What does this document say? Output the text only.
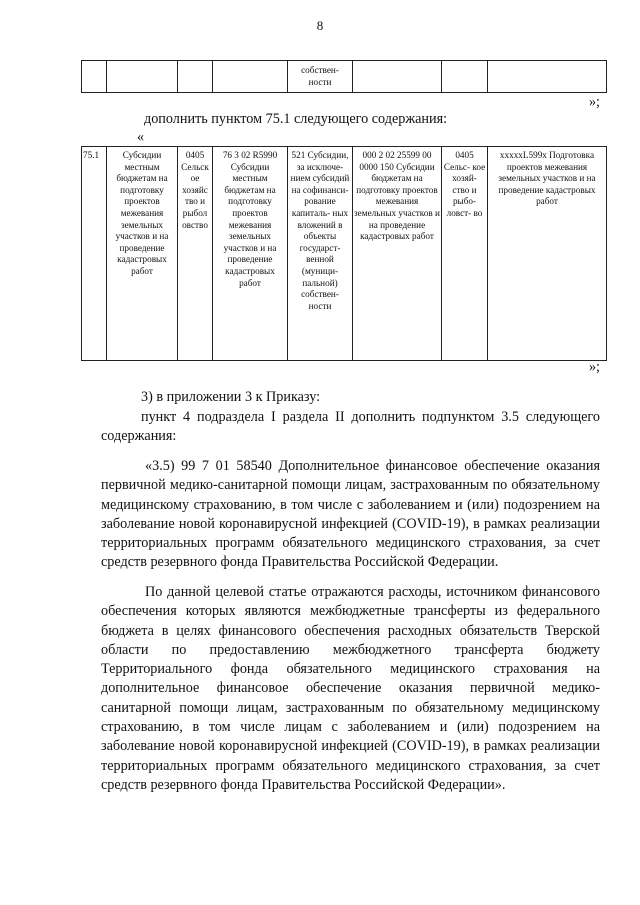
8
				собствен-
ности			
»;
дополнить пунктом 75.1 следующего содержания:
«
75.1	Субсидии местным бюджетам на подготовку проектов межевания земельных участков и на проведение кадастровых работ	0405 Сельск ое хозяйс тво и рыбол овство	76 3 02 R5990 Субсидии местным бюджетам на подготовку проектов межевания земельных участков и на проведение кадастровых работ	521 Субсидии, за исключе- нием субсидий на софинанси- рование капиталь- ных вложений в объекты государст- венной (муници- пальной) собствен- ности	000 2 02 25599 00 0000 150 Субсидии бюджетам на подготовку проектов межевания земельных участков и на проведение кадастровых работ	0405 Сельс- кое хозяй- ство и рыбо- ловст- во	xxxxxL599x Подготовка проектов межевания земельных участков и на проведение кадастровых работ
»;
3) в приложении 3 к Приказу:
пункт 4 подраздела I раздела II дополнить подпунктом 3.5 следующего содержания:
«3.5) 99 7 01 58540 Дополнительное финансовое обеспечение оказания первичной медико-санитарной помощи лицам, застрахованным по обязательному медицинскому страхованию, в том числе с заболеванием и (или) подозрением на заболевание новой коронавирусной инфекцией (COVID-19), в рамках реализации территориальных программ обязательного медицинского страхования, за счет средств резервного фонда Правительства Российской Федерации.
По данной целевой статье отражаются расходы, источником финансового обеспечения которых являются межбюджетные трансферты из федерального бюджета в целях финансового обеспечения расходных обязательств Тверской области по предоставлению межбюджетного трансферта бюджету Территориального фонда обязательного медицинского страхования на дополнительное финансовое обеспечение оказания первичной медико-санитарной помощи лицам, застрахованным по обязательному медицинскому страхованию, в том числе лицам с заболеванием и (или) подозрением на заболевание новой коронавирусной инфекцией (COVID-19), в рамках реализации территориальных программ обязательного медицинского страхования, за счет средств резервного фонда Правительства Российской Федерации».
